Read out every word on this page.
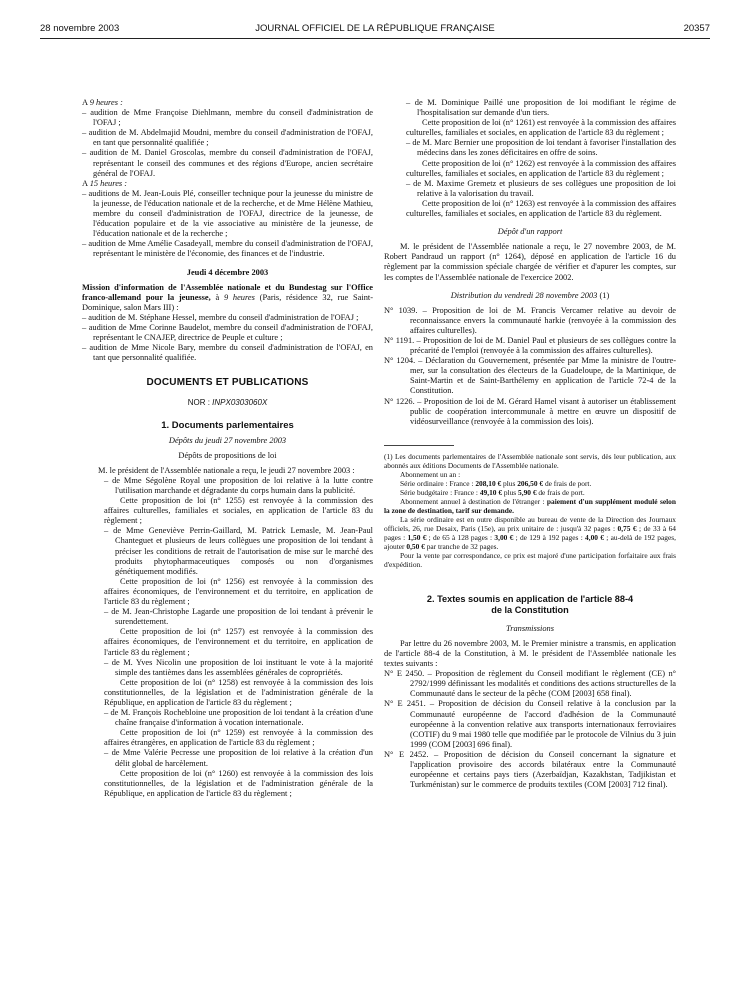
28 novembre 2003	JOURNAL OFFICIEL DE LA RÉPUBLIQUE FRANÇAISE	20357

A 9 heures :

– audition de Mme Françoise Diehlmann, membre du conseil d'administration de l'OFAJ ;

– audition de M. Abdelmajid Moudni, membre du conseil d'administration de l'OFAJ, en tant que personnalité qualifiée ;

– audition de M. Daniel Groscolas, membre du conseil d'administration de l'OFAJ, représentant le conseil des communes et des régions d'Europe, ancien secrétaire général de l'OFAJ.

A 15 heures :

– auditions de M. Jean-Louis Plé, conseiller technique pour la jeunesse du ministre de la jeunesse, de l'éducation nationale et de la recherche, et de Mme Hélène Mathieu, membre du conseil d'administration de l'OFAJ, directrice de la jeunesse, de l'éducation populaire et de la vie associative au ministère de la jeunesse, de l'éducation nationale et de la recherche ;

– audition de Mme Amélie Casadeyall, membre du conseil d'administration de l'OFAJ, représentant le ministère de l'économie, des finances et de l'industrie.

Jeudi 4 décembre 2003

Mission d'information de l'Assemblée nationale et du Bundestag sur l'Office franco-allemand pour la jeunesse, à 9 heures (Paris, résidence 32, rue Saint-Dominique, salon Mars III) :

– audition de M. Stéphane Hessel, membre du conseil d'administration de l'OFAJ ;

– audition de Mme Corinne Baudelot, membre du conseil d'administration de l'OFAJ, représentant le CNAJEP, directrice de Peuple et culture ;

– audition de Mme Nicole Bary, membre du conseil d'administration de l'OFAJ, en tant que personnalité qualifiée.

DOCUMENTS ET PUBLICATIONS

NOR : INPX0303060X

1. Documents parlementaires

Dépôts du jeudi 27 novembre 2003

Dépôts de propositions de loi

M. le président de l'Assemblée nationale a reçu, le jeudi 27 novembre 2003 :

– de Mme Ségolène Royal une proposition de loi relative à la lutte contre l'utilisation marchande et dégradante du corps humain dans la publicité.

Cette proposition de loi (n° 1255) est renvoyée à la commission des affaires culturelles, familiales et sociales, en application de l'article 83 du règlement ;

– de Mme Geneviève Perrin-Gaillard, M. Patrick Lemasle, M. Jean-Paul Chanteguet et plusieurs de leurs collègues une proposition de loi tendant à préciser les conditions de retrait de l'autorisation de mise sur le marché des produits phytopharmaceutiques composés ou non d'organismes génétiquement modifiés.

Cette proposition de loi (n° 1256) est renvoyée à la commission des affaires économiques, de l'environnement et du territoire, en application de l'article 83 du règlement ;

– de M. Jean-Christophe Lagarde une proposition de loi tendant à prévenir le surendettement.

Cette proposition de loi (n° 1257) est renvoyée à la commission des affaires économiques, de l'environnement et du territoire, en application de l'article 83 du règlement ;

– de M. Yves Nicolin une proposition de loi instituant le vote à la majorité simple des tantièmes dans les assemblées générales de copropriétés.

Cette proposition de loi (n° 1258) est renvoyée à la commission des lois constitutionnelles, de la législation et de l'administration générale de la République, en application de l'article 83 du règlement ;

– de M. François Rochebloine une proposition de loi tendant à la création d'une chaîne française d'information à vocation internationale.

Cette proposition de loi (n° 1259) est renvoyée à la commission des affaires étrangères, en application de l'article 83 du règlement ;

– de Mme Valérie Pecresse une proposition de loi relative à la création d'un délit global de harcèlement.

Cette proposition de loi (n° 1260) est renvoyée à la commission des lois constitutionnelles, de la législation et de l'administration générale de la République, en application de l'article 83 du règlement ;

– de M. Dominique Paillé une proposition de loi modifiant le régime de l'hospitalisation sur demande d'un tiers.

Cette proposition de loi (n° 1261) est renvoyée à la commission des affaires culturelles, familiales et sociales, en application de l'article 83 du règlement ;

– de M. Marc Bernier une proposition de loi tendant à favoriser l'installation des médecins dans les zones déficitaires en offre de soins.

Cette proposition de loi (n° 1262) est renvoyée à la commission des affaires culturelles, familiales et sociales, en application de l'article 83 du règlement ;

– de M. Maxime Gremetz et plusieurs de ses collègues une proposition de loi relative à la valorisation du travail.

Cette proposition de loi (n° 1263) est renvoyée à la commission des affaires culturelles, familiales et sociales, en application de l'article 83 du règlement.

Dépôt d'un rapport

M. le président de l'Assemblée nationale a reçu, le 27 novembre 2003, de M. Robert Pandraud un rapport (n° 1264), déposé en application de l'article 16 du règlement par la commission spéciale chargée de vérifier et d'apurer les comptes, sur les comptes de l'Assemblée nationale de l'exercice 2002.

Distribution du vendredi 28 novembre 2003 (1)

N° 1039. – Proposition de loi de M. Francis Vercamer relative au devoir de reconnaissance envers la communauté harkie (renvoyée à la commission des affaires culturelles).

N° 1191. – Proposition de loi de M. Daniel Paul et plusieurs de ses collègues contre la précarité de l'emploi (renvoyée à la commission des affaires culturelles).

N° 1204. – Déclaration du Gouvernement, présentée par Mme la ministre de l'outre-mer, sur la consultation des électeurs de la Guadeloupe, de la Martinique, de Saint-Martin et de Saint-Barthélemy en application de l'article 72-4 de la Constitution.

N° 1226. – Proposition de loi de M. Gérard Hamel visant à autoriser un établissement public de coopération intercommunale à mettre en œuvre un dispositif de vidéosurveillance (renvoyée à la commission des lois).

(1) Les documents parlementaires de l'Assemblée nationale sont servis, dès leur publication, aux abonnés aux éditions Documents de l'Assemblée nationale.

Abonnement un an :

Série ordinaire : France : 208,10 € plus 206,50 € de frais de port.

Série budgétaire : France : 49,10 € plus 5,90 € de frais de port.

Abonnement annuel à destination de l'étranger : paiement d'un supplément modulé selon la zone de destination, tarif sur demande.

La série ordinaire est en outre disponible au bureau de vente de la Direction des Journaux officiels, 26, rue Desaix, Paris (15e), au prix unitaire de : jusqu'à 32 pages : 0,75 € ; de 33 à 64 pages : 1,50 € ; de 65 à 128 pages : 3,00 € ; de 129 à 192 pages : 4,00 € ; au-delà de 192 pages, ajouter 0,50 € par tranche de 32 pages.

Pour la vente par correspondance, ce prix est majoré d'une participation forfaitaire aux frais d'expédition.

2. Textes soumis en application de l'article 88-4
de la Constitution

Transmissions

Par lettre du 26 novembre 2003, M. le Premier ministre a transmis, en application de l'article 88-4 de la Constitution, à M. le président de l'Assemblée nationale les textes suivants :

N° E 2450. – Proposition de règlement du Conseil modifiant le règlement (CE) n° 2792/1999 définissant les modalités et conditions des actions structurelles de la Communauté dans le secteur de la pêche (COM [2003] 658 final).

N° E 2451. – Proposition de décision du Conseil relative à la conclusion par la Communauté européenne de l'accord d'adhésion de la Communauté européenne à la convention relative aux transports internationaux ferroviaires (COTIF) du 9 mai 1980 telle que modifiée par le protocole de Vilnius du 3 juin 1999 (COM [2003] 696 final).

N° E 2452. – Proposition de décision du Conseil concernant la signature et l'application provisoire des accords bilatéraux entre la Communauté européenne et certains pays tiers (Azerbaïdjan, Kazakhstan, Tadjikistan et Turkménistan) sur le commerce de produits textiles (COM [2003] 712 final).
